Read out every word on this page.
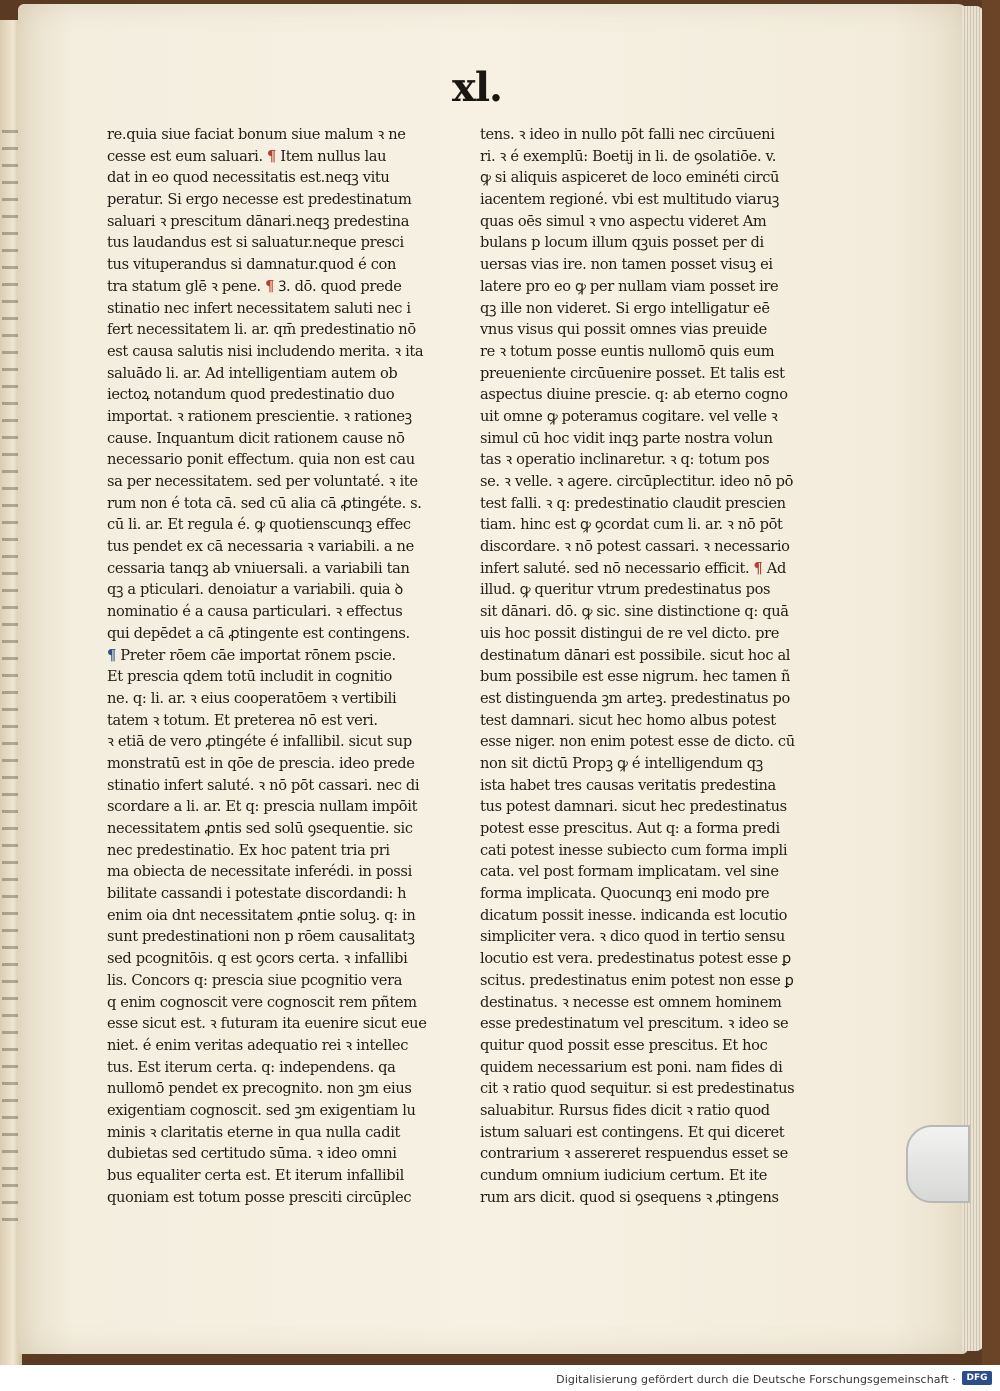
xl.
re.quia siue faciat bonum siue malum ꝛ ne
cesse est eum saluari. ¶ Item nullus lau
dat in eo quod necessitatis est.neqꝫ vitu
peratur. Si ergo necesse est predestinatum
saluari ꝛ prescitum dānari.neqꝫ predestina
tus laudandus est si saluatur.neque presci
tus vituperandus si damnatur.quod é con
tra statum glē ꝛ pene. ¶ Ꝫ. dō. quod prede
stinatio nec infert necessitatem saluti nec i
fert necessitatem li. ar. qm̄ predestinatio nō
est causa salutis nisi includendo merita. ꝛ ita
saluādo li. ar. Ad intelligentiam autem ob
iectoꝝ notandum quod predestinatio duo
importat. ꝛ rationem prescientie. ꝛ rationeꝫ
cause. Inquantum dicit rationem cause nō
necessario ponit effectum. quia non est cau
sa per necessitatem. sed per voluntaté. ꝛ ite
rum non é tota cā. sed cū alia cā ꝓtingéte. s.
cū li. ar. Et regula é. ꝙ quotienscunqꝫ effec
tus pendet ex cā necessaria ꝛ variabili. a ne
cessaria tanqꝫ ab vniuersali. a variabili tan
qꝫ a pticulari. denoiatur a variabili. quia ꝺ
nominatio é a causa particulari. ꝛ effectus
qui depēdet a cā ꝓtingente est contingens.
¶ Preter rōem cāe importat rōnem pscie.
Et prescia qdem totū includit in cognitio
ne. q: li. ar. ꝛ eius cooperatōem ꝛ vertibili
tatem ꝛ totum. Et preterea nō est veri.
ꝛ etiā de vero ꝓtingéte é infallibil. sicut sup
monstratū est in qōe de prescia. ideo prede
stinatio infert saluté. ꝛ nō pōt cassari. nec di
scordare a li. ar. Et q: prescia nullam impōit
necessitatem ꝓntis sed solū ꝯsequentie. sic
nec predestinatio. Ex hoc patent tria pri
ma obiecta de necessitate inferédi. in possi
bilitate cassandi i potestate discordandi: h
enim oia dnt necessitatem ꝓntie soluꝫ. q: in
sunt predestinationi non p rōem causalitatꝫ
sed pcognitōis. q est ꝯcors certa. ꝛ infallibi
lis. Concors q: prescia siue pcognitio vera
q enim cognoscit vere cognoscit rem pñtem
esse sicut est. ꝛ futuram ita euenire sicut eue
niet. é enim veritas adequatio rei ꝛ intellec
tus. Est iterum certa. q: independens. qa
nullomō pendet ex precognito. non ꝫm eius
exigentiam cognoscit. sed ꝫm exigentiam lu
minis ꝛ claritatis eterne in qua nulla cadit
dubietas sed certitudo sūma. ꝛ ideo omni
bus equaliter certa est. Et iterum infallibil
quoniam est totum posse presciti circūplec
tens. ꝛ ideo in nullo pōt falli nec circūueni
ri. ꝛ é exemplū: Boetij in li. de ꝯsolatiōe. v.
ꝙ si aliquis aspiceret de loco eminéti circū
iacentem regioné. vbi est multitudo viaruꝫ
quas oēs simul ꝛ vno aspectu videret Am
bulans p locum illum qꝫuis posset per di
uersas vias ire. non tamen posset visuꝫ ei
latere pro eo ꝙ per nullam viam posset ire
qꝫ ille non videret. Si ergo intelligatur eē
vnus visus qui possit omnes vias preuide
re ꝛ totum posse euntis nullomō quis eum
preueniente circūuenire posset. Et talis est
aspectus diuine prescie. q: ab eterno cogno
uit omne ꝙ poteramus cogitare. vel velle ꝛ
simul cū hoc vidit inqꝫ parte nostra volun
tas ꝛ operatio inclinaretur. ꝛ q: totum pos
se. ꝛ velle. ꝛ agere. circūplectitur. ideo nō pō
test falli. ꝛ q: predestinatio claudit prescien
tiam. hinc est ꝙ ꝯcordat cum li. ar. ꝛ nō pōt
discordare. ꝛ nō potest cassari. ꝛ necessario
infert saluté. sed nō necessario efficit. ¶ Ad
illud. ꝙ queritur vtrum predestinatus pos
sit dānari. dō. ꝙ sic. sine distinctione q: quā
uis hoc possit distingui de re vel dicto. pre
destinatum dānari est possibile. sicut hoc al
bum possibile est esse nigrum. hec tamen ñ
est distinguenda ꝫm arteꝫ. predestinatus po
test damnari. sicut hec homo albus potest
esse niger. non enim potest esse de dicto. cū
non sit dictū Propꝫ ꝙ é intelligendum qꝫ
ista habet tres causas veritatis predestina
tus potest damnari. sicut hec predestinatus
potest esse prescitus. Aut q: a forma predi
cati potest inesse subiecto cum forma impli
cata. vel post formam implicatam. vel sine
forma implicata. Quocunqꝫ eni modo pre
dicatum possit inesse. indicanda est locutio
simpliciter vera. ꝛ dico quod in tertio sensu
locutio est vera. predestinatus potest esse ꝑ
scitus. predestinatus enim potest non esse ꝑ
destinatus. ꝛ necesse est omnem hominem
esse predestinatum vel prescitum. ꝛ ideo se
quitur quod possit esse prescitus. Et hoc
quidem necessarium est poni. nam fides di
cit ꝛ ratio quod sequitur. si est predestinatus
saluabitur. Rursus fides dicit ꝛ ratio quod
istum saluari est contingens. Et qui diceret
contrarium ꝛ assereret respuendus esset se
cundum omnium iudicium certum. Et ite
rum ars dicit. quod si ꝯsequens ꝛ ꝓtingens
Digitalisierung gefördert durch die Deutsche Forschungsgemeinschaft ·	DFG
